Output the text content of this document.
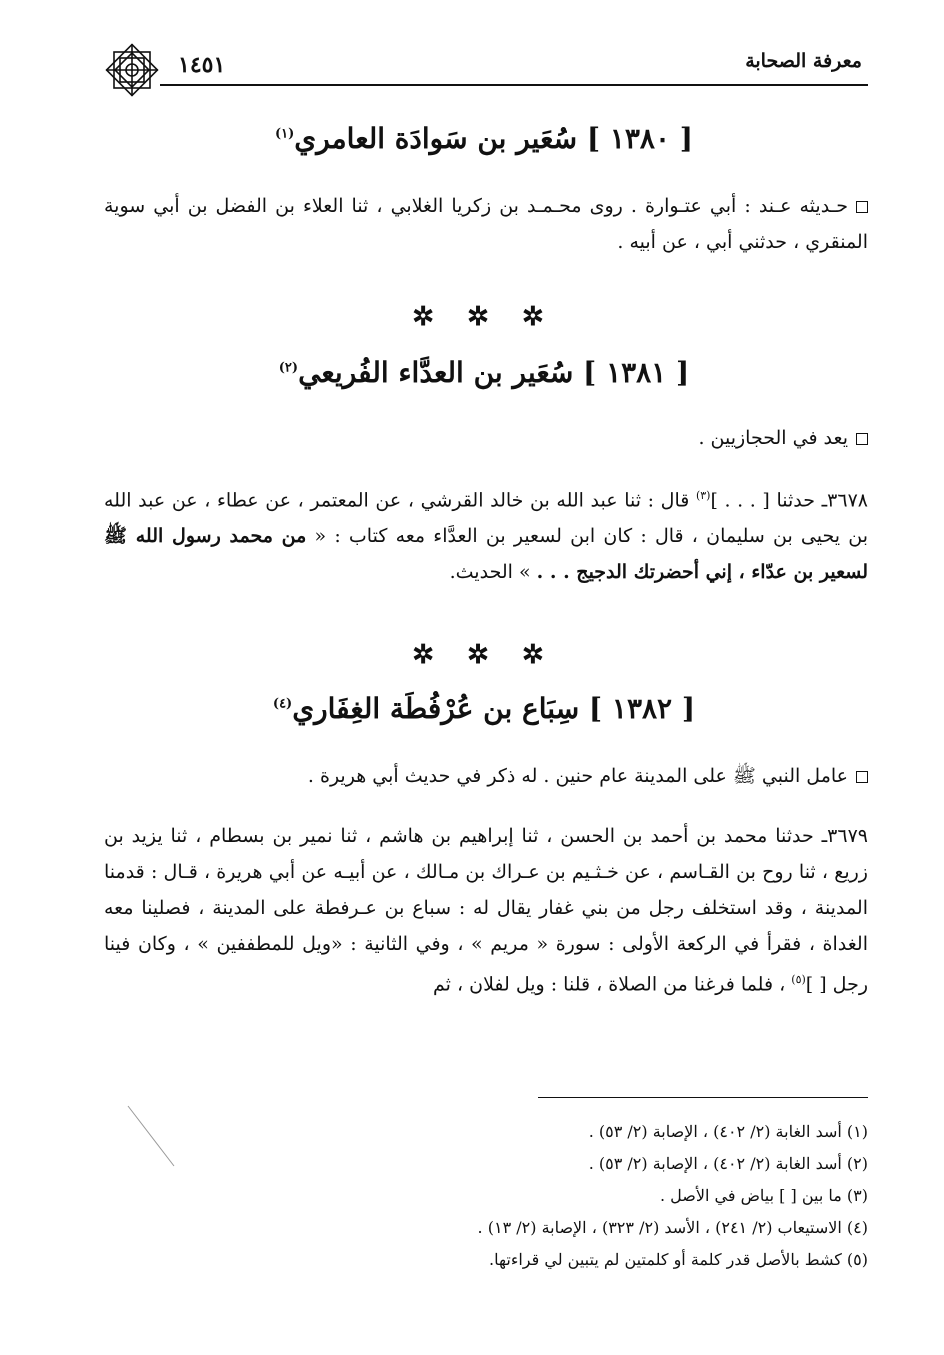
معرفة الصحابة
١٤٥١
[ ١٣٨٠ ] سُعَير بن سَوادَة العامري$^{(١)}$
حـديثه عـند : أبي عتـوارة . روى محـمـد بن زكريا الغلابي ، ثنا العلاء بن الفضل بن أبي سوية المنقري ، حدثني أبي ، عن أبيه .
✲ ✲ ✲
[ ١٣٨١ ] سُعَير بن العدَّاء الفُريعي$^{(٢)}$
يعد في الحجازيين .
٣٦٧٨ـ حدثنا [ . . . ]$^{(٣)}$ قال : ثنا عبد الله بن خالد القرشي ، عن المعتمر ، عن عطاء ، عن عبد الله بن يحيى بن سليمان ، قال : كان ابن لسعير بن العدَّاء معه كتاب : « من محمد رسول الله ﷺ لسعير بن عدّاء ، إني أحضرتك الدجيج . . . » الحديث.
✲ ✲ ✲
[ ١٣٨٢ ] سِبَاع بن عُرْفُطَة الغِفَاري$^{(٤)}$
عامل النبي ﷺ على المدينة عام حنين . له ذكر في حديث أبي هريرة .
٣٦٧٩ـ حدثنا محمد بن أحمد بن الحسن ، ثنا إبراهيم بن هاشم ، ثنا نمير بن بسطام ، ثنا يزيد بن زريع ، ثنا روح بن القـاسم ، عن خـثـيم بن عـراك بن مـالك ، عن أبيـه عن أبي هريرة ، قـال : قدمنا المدينة ، وقد استخلف رجل من بني غفار يقال له : سباع بن عـرفطة على المدينة ، فصلينا معه الغداة ، فقرأ في الركعة الأولى : سورة « مريم » ، وفي الثانية : «ويل للمطففين » ، وكان فينا رجل [ ]$^{(٥)}$ ، فلما فرغنا من الصلاة ، قلنا : ويل لفلان ، ثم
(١) أسد الغابة (٢/ ٤٠٢) ، الإصابة (٢/ ٥٣) .
(٢) أسد الغابة (٢/ ٤٠٢) ، الإصابة (٢/ ٥٣) .
(٣) ما بين [ ] بياض في الأصل .
(٤) الاستيعاب (٢/ ٢٤١) ، الأسد (٢/ ٣٢٣) ، الإصابة (٢/ ١٣) .
(٥) كشط بالأصل قدر كلمة أو كلمتين لم يتبين لي قراءتها.
